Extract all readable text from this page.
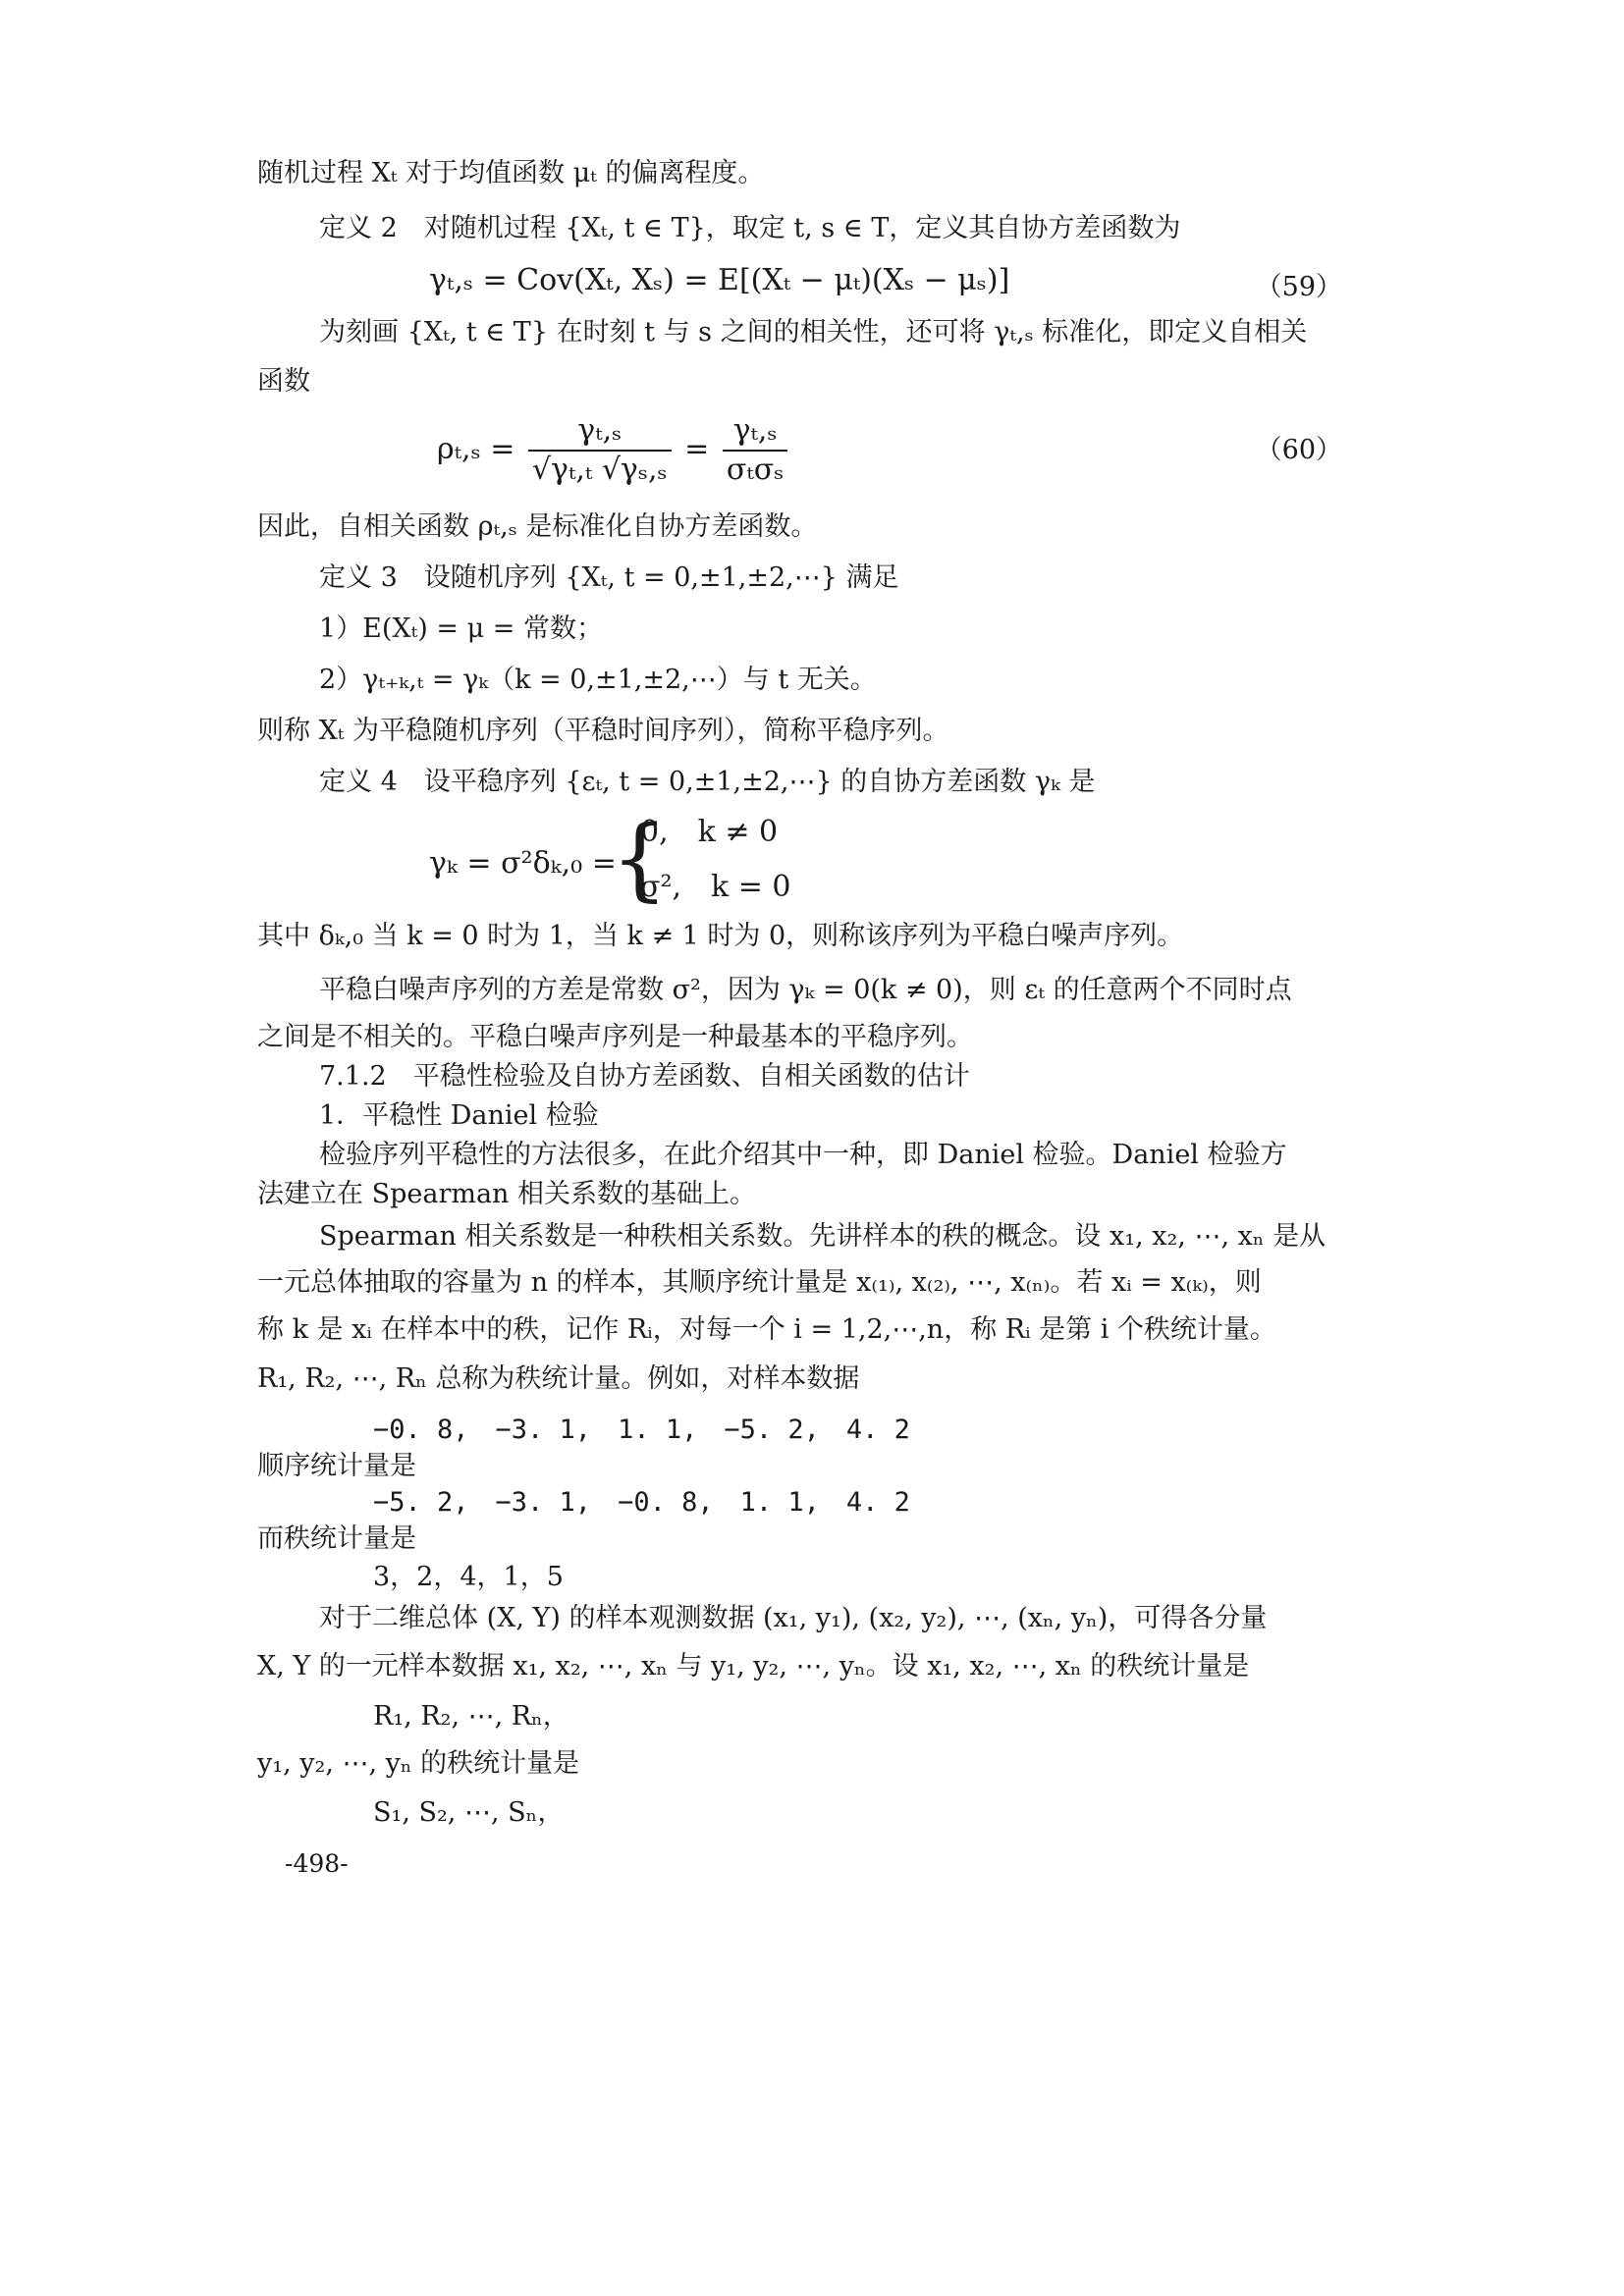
随机过程 Xₜ 对于均值函数 μₜ 的偏离程度。
定义 2　对随机过程 {Xₜ, t ∈ T}，取定 t, s ∈ T，定义其自协方差函数为
γₜ,ₛ = Cov(Xₜ, Xₛ) = E[(Xₜ − μₜ)(Xₛ − μₛ)]	（59）
为刻画 {Xₜ, t ∈ T} 在时刻 t 与 s 之间的相关性，还可将 γₜ,ₛ 标准化，即定义自相关
函数
$\rho_t,_s = \frac{\text{γₜ,ₛ}}{\text{√γₜ,ₜ √γₛ,ₛ}} = \frac{\text{γₜ,ₛ}}{\text{σₜσₛ}}$	（60）
因此，自相关函数 ρₜ,ₛ 是标准化自协方差函数。
定义 3　设随机序列 {Xₜ, t = 0,±1,±2,⋯} 满足
1）E(Xₜ) = μ = 常数；
2）γₜ₊ₖ,ₜ = γₖ（k = 0,±1,±2,⋯）与 t 无关。
则称 Xₜ 为平稳随机序列（平稳时间序列），简称平稳序列。
定义 4　设平稳序列 {εₜ, t = 0,±1,±2,⋯} 的自协方差函数 γₖ 是
γₖ = σ²δₖ,₀ =
{
0,　k ≠ 0
σ²,　k = 0
其中 δₖ,₀ 当 k = 0 时为 1，当 k ≠ 1 时为 0，则称该序列为平稳白噪声序列。
平稳白噪声序列的方差是常数 σ²，因为 γₖ = 0(k ≠ 0)，则 εₜ 的任意两个不同时点
之间是不相关的。平稳白噪声序列是一种最基本的平稳序列。
7.1.2　平稳性检验及自协方差函数、自相关函数的估计
1．平稳性 Daniel 检验
检验序列平稳性的方法很多，在此介绍其中一种，即 Daniel 检验。Daniel 检验方
法建立在 Spearman 相关系数的基础上。
Spearman 相关系数是一种秩相关系数。先讲样本的秩的概念。设 x₁, x₂, ⋯, xₙ 是从
一元总体抽取的容量为 n 的样本，其顺序统计量是 x₍₁₎, x₍₂₎, ⋯, x₍ₙ₎。若 xᵢ = x₍ₖ₎，则
称 k 是 xᵢ 在样本中的秩，记作 Rᵢ，对每一个 i = 1,2,⋯,n，称 Rᵢ 是第 i 个秩统计量。
R₁, R₂, ⋯, Rₙ 总称为秩统计量。例如，对样本数据
−0. 8,　−3. 1,　1. 1,　−5. 2,　4. 2
顺序统计量是
−5. 2,　−3. 1,　−0. 8,　1. 1,　4. 2
而秩统计量是
3，2，4，1，5
对于二维总体 (X, Y) 的样本观测数据 (x₁, y₁), (x₂, y₂), ⋯, (xₙ, yₙ)，可得各分量
X, Y 的一元样本数据 x₁, x₂, ⋯, xₙ 与 y₁, y₂, ⋯, yₙ。设 x₁, x₂, ⋯, xₙ 的秩统计量是
R₁, R₂, ⋯, Rₙ，
y₁, y₂, ⋯, yₙ 的秩统计量是
S₁, S₂, ⋯, Sₙ，
-498-
